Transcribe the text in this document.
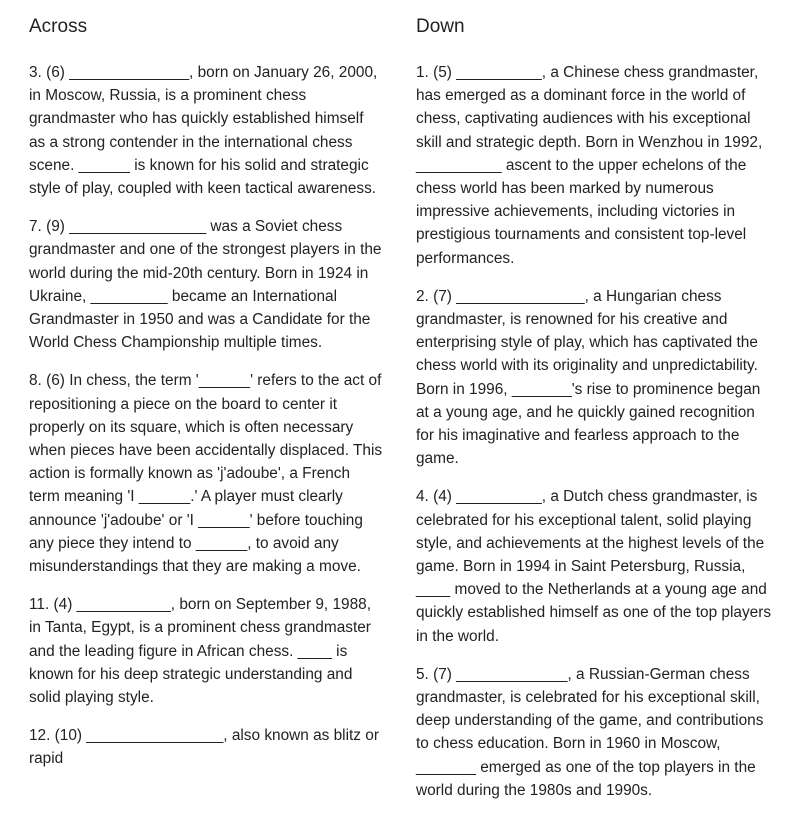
Across

3. (6) ______________, born on January 26, 2000, in Moscow, Russia, is a prominent chess grandmaster who has quickly established himself as a strong contender in the international chess scene. ______ is known for his solid and strategic style of play, coupled with keen tactical awareness.

7. (9) ________________ was a Soviet chess grandmaster and one of the strongest players in the world during the mid-20th century. Born in 1924 in Ukraine, _________ became an International Grandmaster in 1950 and was a Candidate for the World Chess Championship multiple times.

8. (6) In chess, the term '______' refers to the act of repositioning a piece on the board to center it properly on its square, which is often necessary when pieces have been accidentally displaced. This action is formally known as 'j'adoube', a French term meaning 'I ______.' A player must clearly announce 'j'adoube' or 'I ______' before touching any piece they intend to ______, to avoid any misunderstandings that they are making a move.

11. (4) ___________, born on September 9, 1988, in Tanta, Egypt, is a prominent chess grandmaster and the leading figure in African chess. ____ is known for his deep strategic understanding and solid playing style.

12. (10) ________________, also known as blitz or rapid

Down

1. (5) __________, a Chinese chess grandmaster, has emerged as a dominant force in the world of chess, captivating audiences with his exceptional skill and strategic depth. Born in Wenzhou in 1992, __________ ascent to the upper echelons of the chess world has been marked by numerous impressive achievements, including victories in prestigious tournaments and consistent top-level performances.

2. (7) _______________, a Hungarian chess grandmaster, is renowned for his creative and enterprising style of play, which has captivated the chess world with its originality and unpredictability. Born in 1996, _______'s rise to prominence began at a young age, and he quickly gained recognition for his imaginative and fearless approach to the game.

4. (4) __________, a Dutch chess grandmaster, is celebrated for his exceptional talent, solid playing style, and achievements at the highest levels of the game. Born in 1994 in Saint Petersburg, Russia, ____ moved to the Netherlands at a young age and quickly established himself as one of the top players in the world.

5. (7) _____________, a Russian-German chess grandmaster, is celebrated for his exceptional skill, deep understanding of the game, and contributions to chess education. Born in 1960 in Moscow, _______ emerged as one of the top players in the world during the 1980s and 1990s.
